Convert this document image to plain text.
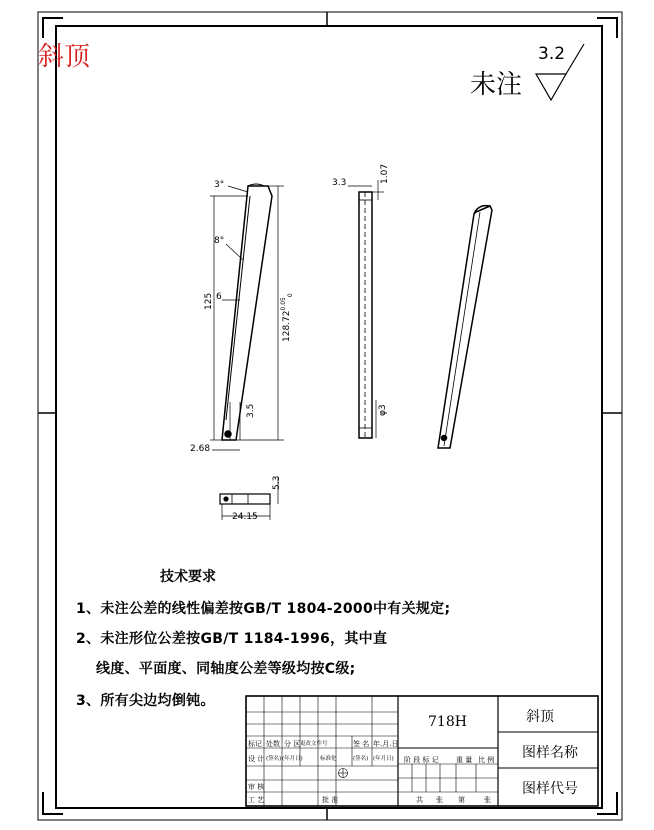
斜顶
未注
3.2
3°
8°
6
125
$128.72^{0.05}_0$
3.5
2.68
3.3	1.07
φ3
5.3
24.15
技术要求
1、未注公差的线性偏差按GB/T 1804-2000中有关规定;
2、未注形位公差按GB/T 1184-1996，其中直
线度、平面度、同轴度公差等级均按C级;
3、所有尖边均倒钝。
718H	斜顶
图样名称
图样代号
标记 处数 分 区 更改文件号	签 名 年.月.日
设 计 (签名) (年月日)	标准化	(签名) (年月日)
审 核
工 艺	批 准
阶 段 标 记 重 量 比 例
共 张 第	张
